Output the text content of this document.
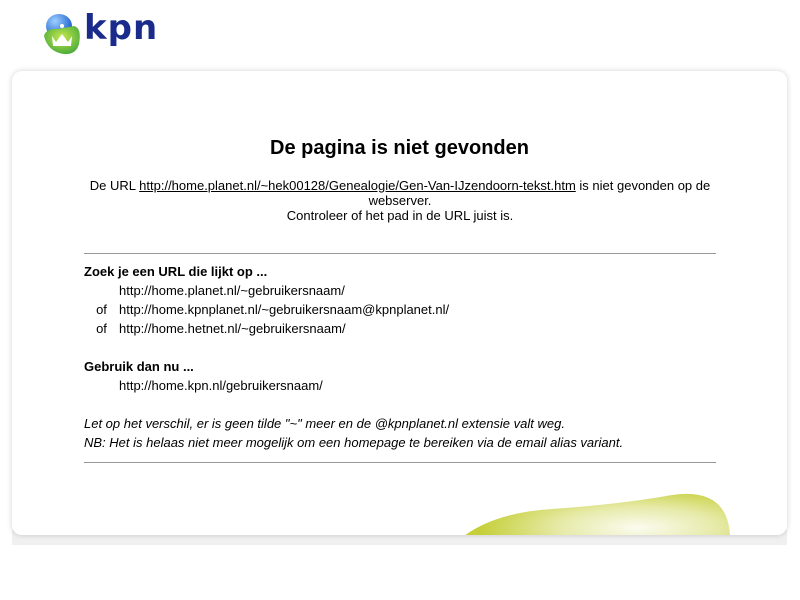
kpn
De pagina is niet gevonden
De URL http://home.planet.nl/~hek00128/Genealogie/Gen-Van-IJzendoorn-tekst.htm is niet gevonden op de webserver.
Controleer of het pad in de URL juist is.
Zoek je een URL die lijkt op ...
http://home.planet.nl/~gebruikersnaam/
of http://home.kpnplanet.nl/~gebruikersnaam@kpnplanet.nl/
of http://home.hetnet.nl/~gebruikersnaam/
Gebruik dan nu ...
http://home.kpn.nl/gebruikersnaam/
Let op het verschil, er is geen tilde "~" meer en de @kpnplanet.nl extensie valt weg.
NB: Het is helaas niet meer mogelijk om een homepage te bereiken via de email alias variant.
